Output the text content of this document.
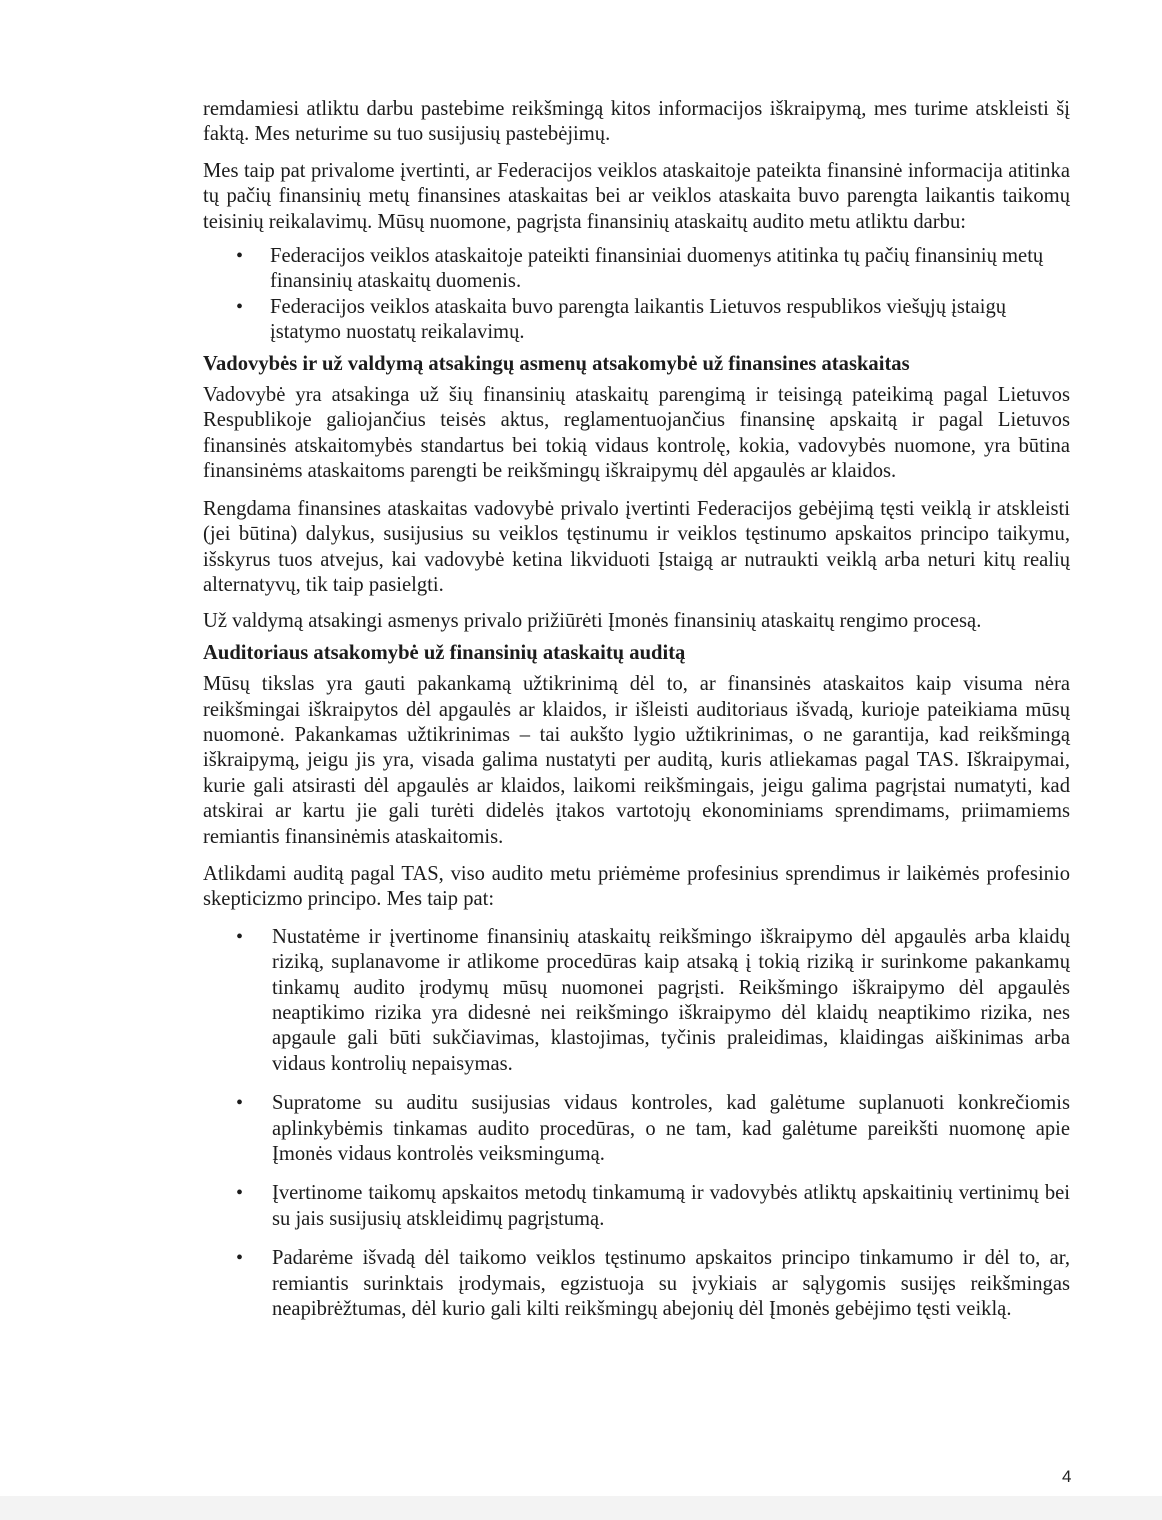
remdamiesi atliktu darbu pastebime reikšmingą kitos informacijos iškraipymą, mes turime atskleisti šį faktą. Mes neturime su tuo susijusių pastebėjimų.

Mes taip pat privalome įvertinti, ar Federacijos veiklos ataskaitoje pateikta finansinė informacija atitinka tų pačių finansinių metų finansines ataskaitas bei ar veiklos ataskaita buvo parengta laikantis taikomų teisinių reikalavimų. Mūsų nuomone, pagrįsta finansinių ataskaitų audito metu atliktu darbu:

• Federacijos veiklos ataskaitoje pateikti finansiniai duomenys atitinka tų pačių finansinių metų finansinių ataskaitų duomenis.
• Federacijos veiklos ataskaita buvo parengta laikantis Lietuvos respublikos viešųjų įstaigų įstatymo nuostatų reikalavimų.

Vadovybės ir už valdymą atsakingų asmenų atsakomybė už finansines ataskaitas

Vadovybė yra atsakinga už šių finansinių ataskaitų parengimą ir teisingą pateikimą pagal Lietuvos Respublikoje galiojančius teisės aktus, reglamentuojančius finansinę apskaitą ir pagal Lietuvos finansinės atskaitomybės standartus bei tokią vidaus kontrolę, kokia, vadovybės nuomone, yra būtina finansinėms ataskaitoms parengti be reikšmingų iškraipymų dėl apgaulės ar klaidos.

Rengdama finansines ataskaitas vadovybė privalo įvertinti Federacijos gebėjimą tęsti veiklą ir atskleisti (jei būtina) dalykus, susijusius su veiklos tęstinumu ir veiklos tęstinumo apskaitos principo taikymu, išskyrus tuos atvejus, kai vadovybė ketina likviduoti Įstaigą ar nutraukti veiklą arba neturi kitų realių alternatyvų, tik taip pasielgti.

Už valdymą atsakingi asmenys privalo prižiūrėti Įmonės finansinių ataskaitų rengimo procesą.

Auditoriaus atsakomybė už finansinių ataskaitų auditą

Mūsų tikslas yra gauti pakankamą užtikrinimą dėl to, ar finansinės ataskaitos kaip visuma nėra reikšmingai iškraipytos dėl apgaulės ar klaidos, ir išleisti auditoriaus išvadą, kurioje pateikiama mūsų nuomonė. Pakankamas užtikrinimas – tai aukšto lygio užtikrinimas, o ne garantija, kad reikšmingą iškraipymą, jeigu jis yra, visada galima nustatyti per auditą, kuris atliekamas pagal TAS. Iškraipymai, kurie gali atsirasti dėl apgaulės ar klaidos, laikomi reikšmingais, jeigu galima pagrįstai numatyti, kad atskirai ar kartu jie gali turėti didelės įtakos vartotojų ekonominiams sprendimams, priimamiems remiantis finansinėmis ataskaitomis.

Atlikdami auditą pagal TAS, viso audito metu priėmėme profesinius sprendimus ir laikėmės profesinio skepticizmo principo. Mes taip pat:

• Nustatėme ir įvertinome finansinių ataskaitų reikšmingo iškraipymo dėl apgaulės arba klaidų riziką, suplanavome ir atlikome procedūras kaip atsaką į tokią riziką ir surinkome pakankamų tinkamų audito įrodymų mūsų nuomonei pagrįsti. Reikšmingo iškraipymo dėl apgaulės neaptikimo rizika yra didesnė nei reikšmingo iškraipymo dėl klaidų neaptikimo rizika, nes apgaule gali būti sukčiavimas, klastojimas, tyčinis praleidimas, klaidingas aiškinimas arba vidaus kontrolių nepaisymas.
• Supratome su auditu susijusias vidaus kontroles, kad galėtume suplanuoti konkrečiomis aplinkybėmis tinkamas audito procedūras, o ne tam, kad galėtume pareikšti nuomonę apie Įmonės vidaus kontrolės veiksmingumą.
• Įvertinome taikomų apskaitos metodų tinkamumą ir vadovybės atliktų apskaitinių vertinimų bei su jais susijusių atskleidimų pagrįstumą.
• Padarėme išvadą dėl taikomo veiklos tęstinumo apskaitos principo tinkamumo ir dėl to, ar, remiantis surinktais įrodymais, egzistuoja su įvykiais ar sąlygomis susijęs reikšmingas neapibrėžtumas, dėl kurio gali kilti reikšmingų abejonių dėl Įmonės gebėjimo tęsti veiklą.
4
